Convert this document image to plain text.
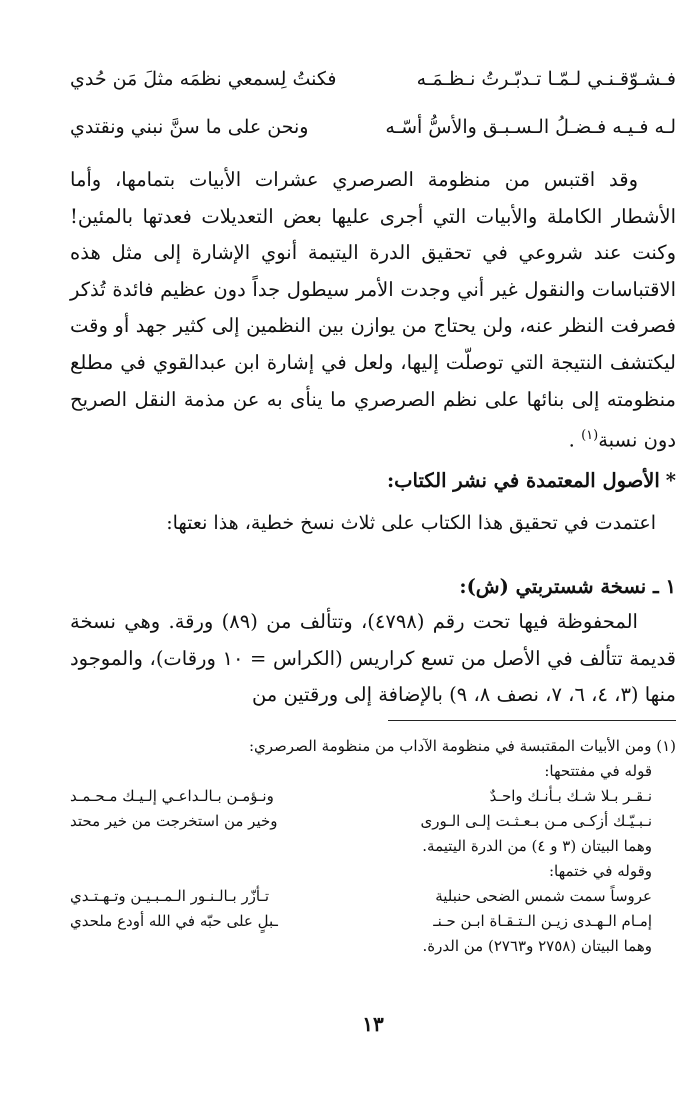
فـشـوّقـنـي لـمّـا تـدبّـرتُ نـظـمَـه
فكنتُ لِسمعي نظمَه مثلَ مَن حُدي
لـه فـيـه فـضـلُ الـسـبـق والأسُّ أسّـه
ونحن على ما سنَّ نبني ونقتدي
وقد اقتبس من منظومة الصرصري عشرات الأبيات بتمامها، وأما الأشطار الكاملة والأبيات التي أجرى عليها بعض التعديلات فعدتها بالمئين!وكنت عند شروعي في تحقيق الدرة اليتيمة أنوي الإشارة إلى مثل هذه الاقتباسات والنقول غير أني وجدت الأمر سيطول جداً دون عظيم فائدة تُذكر فصرفت النظر عنه، ولن يحتاج من يوازن بين النظمين إلى كثير جهد أو وقت ليكتشف النتيجة التي توصلّت إليها، ولعل في إشارة ابن عبدالقوي في مطلع منظومته إلى بنائها على نظم الصرصري ما ينأى به عن مذمة النقل الصريح دون نسبة$^{(١)}$ .
*الأصول المعتمدة في نشر الكتاب:
اعتمدت في تحقيق هذا الكتاب على ثلاث نسخ خطية، هذا نعتها:
١ ـ نسخة شستربتي (ش):
المحفوظة فيها تحت رقم (٤٧٩٨)، وتتألف من (٨٩) ورقة. وهي نسخة قديمة تتألف في الأصل من تسع كراريس (الكراس = ١٠ ورقات)، والموجود منها (٣، ٤، ٦، ٧، نصف ٨، ٩) بالإضافة إلى ورقتين من
(١) ومن الأبيات المقتبسة في منظومة الآداب من منظومة الصرصري:
قوله في مفتتحها:
نـقـر بـلا شـك بـأنـك واحـدٌ
ونـؤمـن بـالـداعـي إلـيـك مـحـمـد
نـبـيّـك أزكـى مـن بـعـثـت إلـى الـورى
وخير من استخرجت من خير محتد
وهما البيتان (٣ و ٤) من الدرة اليتيمة.
وقوله في ختمها:
عروساً سمت شمس الضحى حنبلية
تـأزّر بـالـنـور الـمـبـيـن وتـهـتـدي
إمـام الـهـدى زيـن الـتـقـاة ابـن حـنـ
ـبلٍ على حبّه في الله أودع ملحدي
وهما البيتان (٢٧٥٨ و٢٧٦٣) من الدرة.
١٣
